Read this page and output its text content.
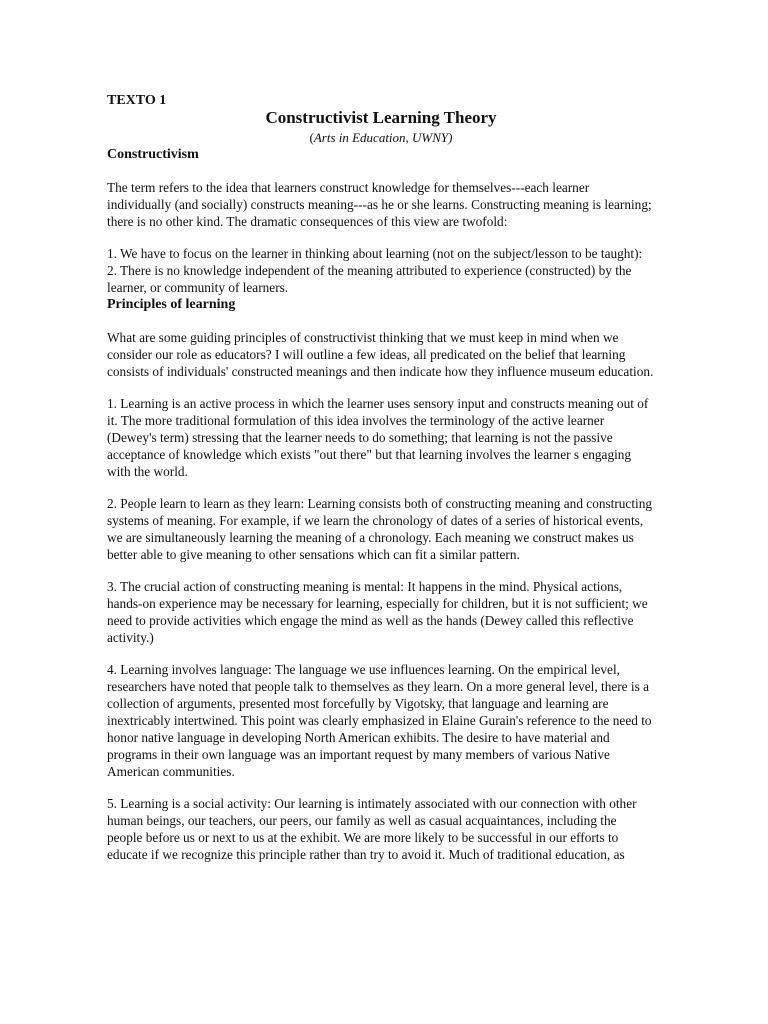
TEXTO 1
Constructivist Learning Theory
(Arts in Education, UWNY)
Constructivism

The term refers to the idea that learners construct knowledge for themselves---each learner individually (and socially) constructs meaning---as he or she learns. Constructing meaning is learning; there is no other kind. The dramatic consequences of this view are twofold:

1. We have to focus on the learner in thinking about learning (not on the subject/lesson to be taught):

2. There is no knowledge independent of the meaning attributed to experience (constructed) by the learner, or community of learners.

Principles of learning

What are some guiding principles of constructivist thinking that we must keep in mind when we consider our role as educators? I will outline a few ideas, all predicated on the belief that learning consists of individuals' constructed meanings and then indicate how they influence museum education.

1. Learning is an active process in which the learner uses sensory input and constructs meaning out of it. The more traditional formulation of this idea involves the terminology of the active learner (Dewey's term) stressing that the learner needs to do something; that learning is not the passive acceptance of knowledge which exists "out there" but that learning involves the learner s engaging with the world.

2. People learn to learn as they learn: Learning consists both of constructing meaning and constructing systems of meaning. For example, if we learn the chronology of dates of a series of historical events, we are simultaneously learning the meaning of a chronology. Each meaning we construct makes us better able to give meaning to other sensations which can fit a similar pattern.

3. The crucial action of constructing meaning is mental: It happens in the mind. Physical actions, hands-on experience may be necessary for learning, especially for children, but it is not sufficient; we need to provide activities which engage the mind as well as the hands (Dewey called this reflective activity.)

4. Learning involves language: The language we use influences learning. On the empirical level, researchers have noted that people talk to themselves as they learn. On a more general level, there is a collection of arguments, presented most forcefully by Vigotsky, that language and learning are inextricably intertwined. This point was clearly emphasized in Elaine Gurain's reference to the need to honor native language in developing North American exhibits. The desire to have material and programs in their own language was an important request by many members of various Native American communities.

5. Learning is a social activity: Our learning is intimately associated with our connection with other human beings, our teachers, our peers, our family as well as casual acquaintances, including the people before us or next to us at the exhibit. We are more likely to be successful in our efforts to educate if we recognize this principle rather than try to avoid it. Much of traditional education, as
